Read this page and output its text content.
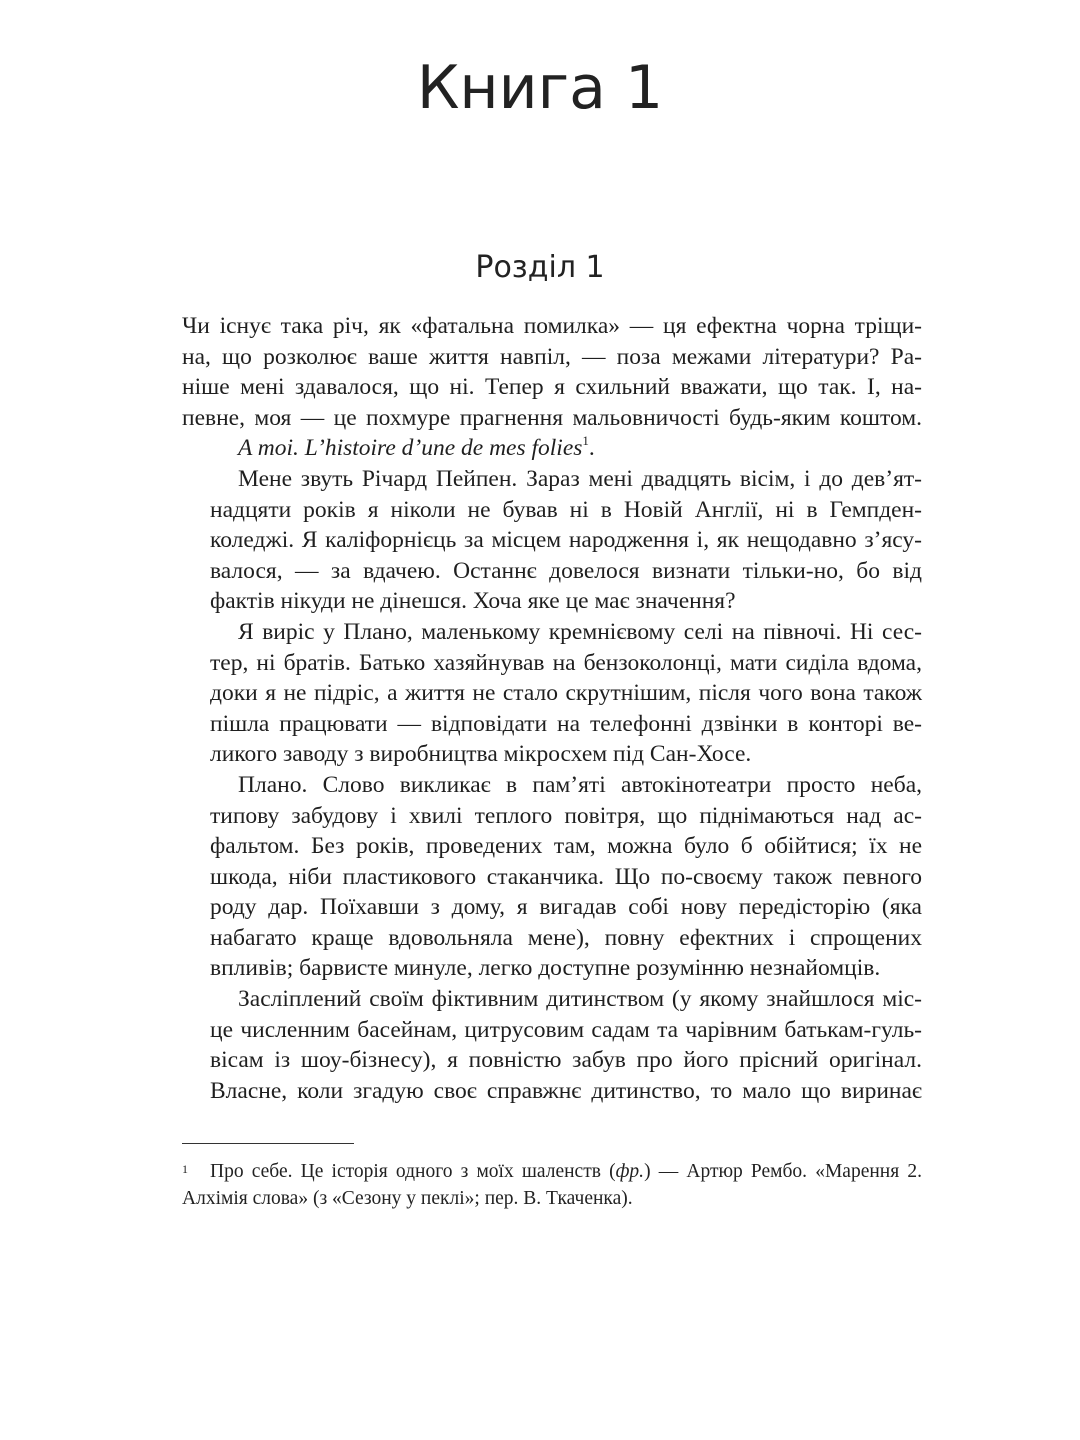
Книга 1
Розділ 1
Чи існує така річ, як «фатальна помилка» — ця ефектна чорна тріщи-
на, що розколює ваше життя навпіл, — поза межами літератури? Ра-
ніше мені здавалося, що ні. Тепер я схильний вважати, що так. І, на-
певне, моя — це похмуре прагнення мальовничості будь-яким коштом.
A moi. L’histoire d’une de mes folies$^1$.
Мене звуть Річард Пейпен. Зараз мені двадцять вісім, і до дев’ят-
надцяти років я ніколи не бував ні в Новій Англії, ні в Гемпден-
коледжі. Я каліфорнієць за місцем народження і, як нещодавно з’ясу-
валося, — за вдачею. Останнє довелося визнати тільки-но, бо від
фактів нікуди не дінешся. Хоча яке це має значення?
Я виріс у Плано, маленькому кремнієвому селі на півночі. Ні сес-
тер, ні братів. Батько хазяйнував на бензоколонці, мати сиділа вдома,
доки я не підріс, а життя не стало скрутнішим, після чого вона також
пішла працювати — відповідати на телефонні дзвінки в конторі ве-
ликого заводу з виробництва мікросхем під Сан-Хосе.
Плано. Слово викликає в пам’яті автокінотеатри просто неба,
типову забудову і хвилі теплого повітря, що піднімаються над ас-
фальтом. Без років, проведених там, можна було б обійтися; їх не
шкода, ніби пластикового стаканчика. Що по-своєму також певного
роду дар. Поїхавши з дому, я вигадав собі нову передісторію (яка
набагато краще вдовольняла мене), повну ефектних і спрощених
впливів; барвисте минуле, легко доступне розумінню незнайомців.
Засліплений своїм фіктивним дитинством (у якому знайшлося міс-
це численним басейнам, цитрусовим садам та чарівним батькам-гуль-
вісам із шоу-бізнесу), я повністю забув про його прісний оригінал.
Власне, коли згадую своє справжнє дитинство, то мало що виринає
1	Про себе. Це історія одного з моїх шаленств (фр.) — Артюр Рембо. «Марення 2.
Алхімія слова» (з «Сезону у пеклі»; пер. В. Ткаченка).
